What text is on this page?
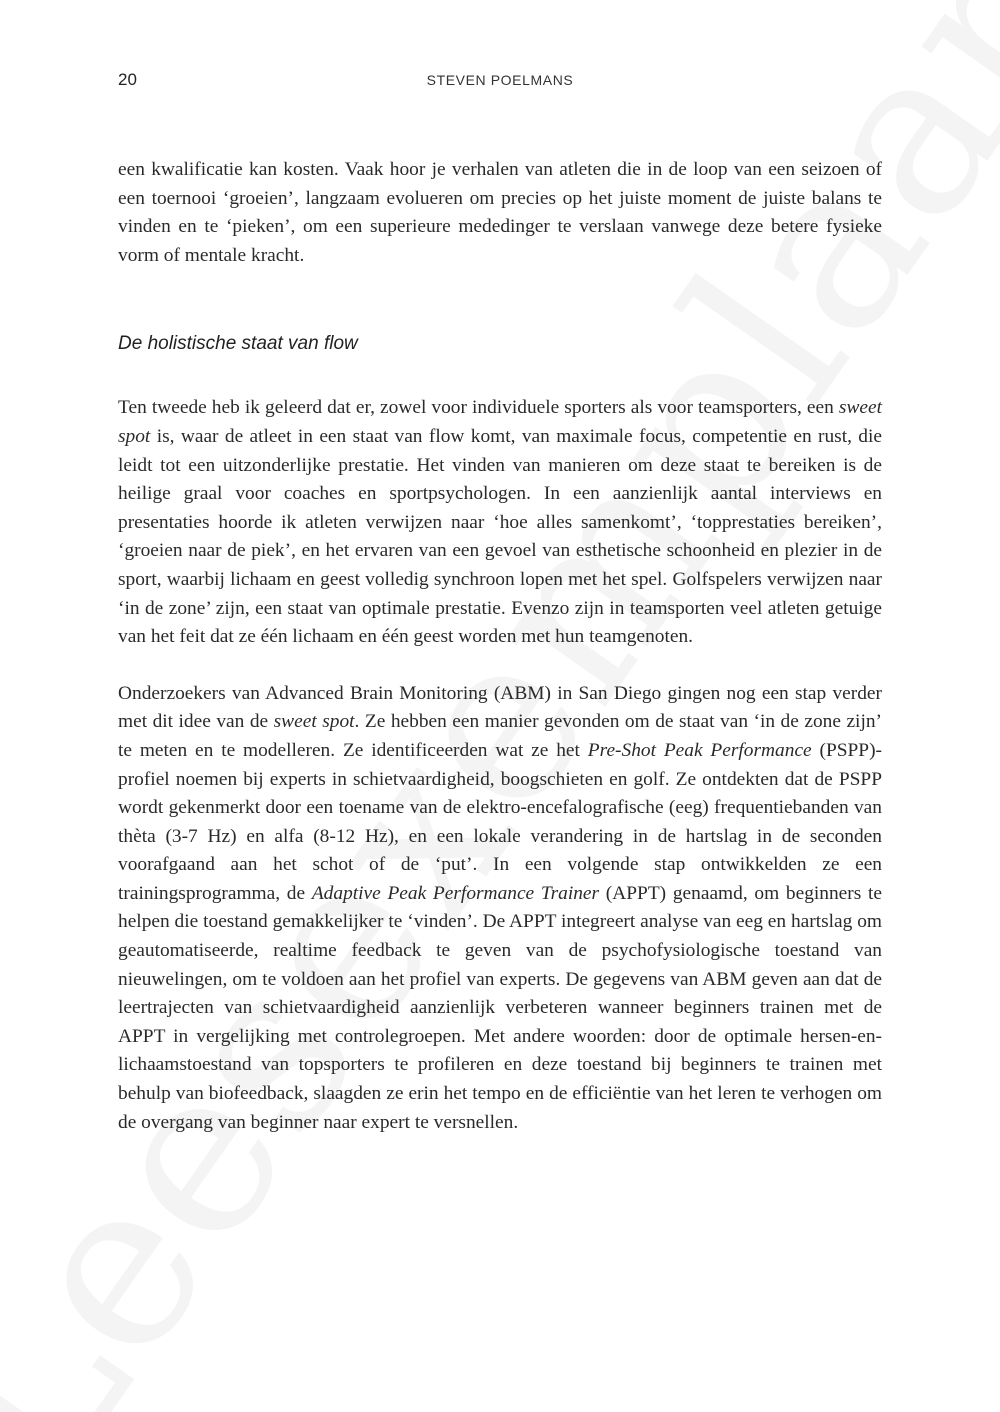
20	STEVEN POELMANS

een kwalificatie kan kosten. Vaak hoor je verhalen van atleten die in de loop van een seizoen of een toernooi ‘groeien’, langzaam evolueren om precies op het juiste moment de juiste balans te vinden en te ‘pieken’, om een superieure mededinger te verslaan vanwege deze betere fysieke vorm of mentale kracht.

De holistische staat van flow

Ten tweede heb ik geleerd dat er, zowel voor individuele sporters als voor teamsporters, een sweet spot is, waar de atleet in een staat van flow komt, van maximale focus, competentie en rust, die leidt tot een uitzonderlijke prestatie. Het vinden van manieren om deze staat te bereiken is de heilige graal voor coaches en sportpsychologen. In een aanzienlijk aantal interviews en presentaties hoorde ik atleten verwijzen naar ‘hoe alles samenkomt’, ‘topprestaties bereiken’, ‘groeien naar de piek’, en het ervaren van een gevoel van esthetische schoonheid en plezier in de sport, waarbij lichaam en geest volledig synchroon lopen met het spel. Golfspelers verwijzen naar ‘in de zone’ zijn, een staat van optimale prestatie. Evenzo zijn in teamsporten veel atleten getuige van het feit dat ze één lichaam en één geest worden met hun teamgenoten.

Onderzoekers van Advanced Brain Monitoring (ABM) in San Diego gingen nog een stap verder met dit idee van de sweet spot. Ze hebben een manier gevonden om de staat van ‘in de zone zijn’ te meten en te modelleren. Ze identificeerden wat ze het Pre-Shot Peak Performance (PSPP)-profiel noemen bij experts in schietvaardigheid, boogschieten en golf. Ze ontdekten dat de PSPP wordt gekenmerkt door een toename van de elektro-encefalografische (eeg) frequentiebanden van thèta (3-7 Hz) en alfa (8-12 Hz), en een lokale verandering in de hartslag in de seconden voorafgaand aan het schot of de ‘put’. In een volgende stap ontwikkelden ze een trainingsprogramma, de Adaptive Peak Performance Trainer (APPT) genaamd, om beginners te helpen die toestand gemakkelijker te ‘vinden’. De APPT integreert analyse van eeg en hartslag om geautomatiseerde, realtime feedback te geven van de psychofysiologische toestand van nieuwelingen, om te voldoen aan het profiel van experts. De gegevens van ABM geven aan dat de leertrajecten van schietvaardigheid aanzienlijk verbeteren wanneer beginners trainen met de APPT in vergelijking met controlegroepen. Met andere woorden: door de optimale hersen-en-lichaamstoestand van topsporters te profileren en deze toestand bij beginners te trainen met behulp van biofeedback, slaagden ze erin het tempo en de efficiëntie van het leren te verhogen om de overgang van beginner naar expert te versnellen.
